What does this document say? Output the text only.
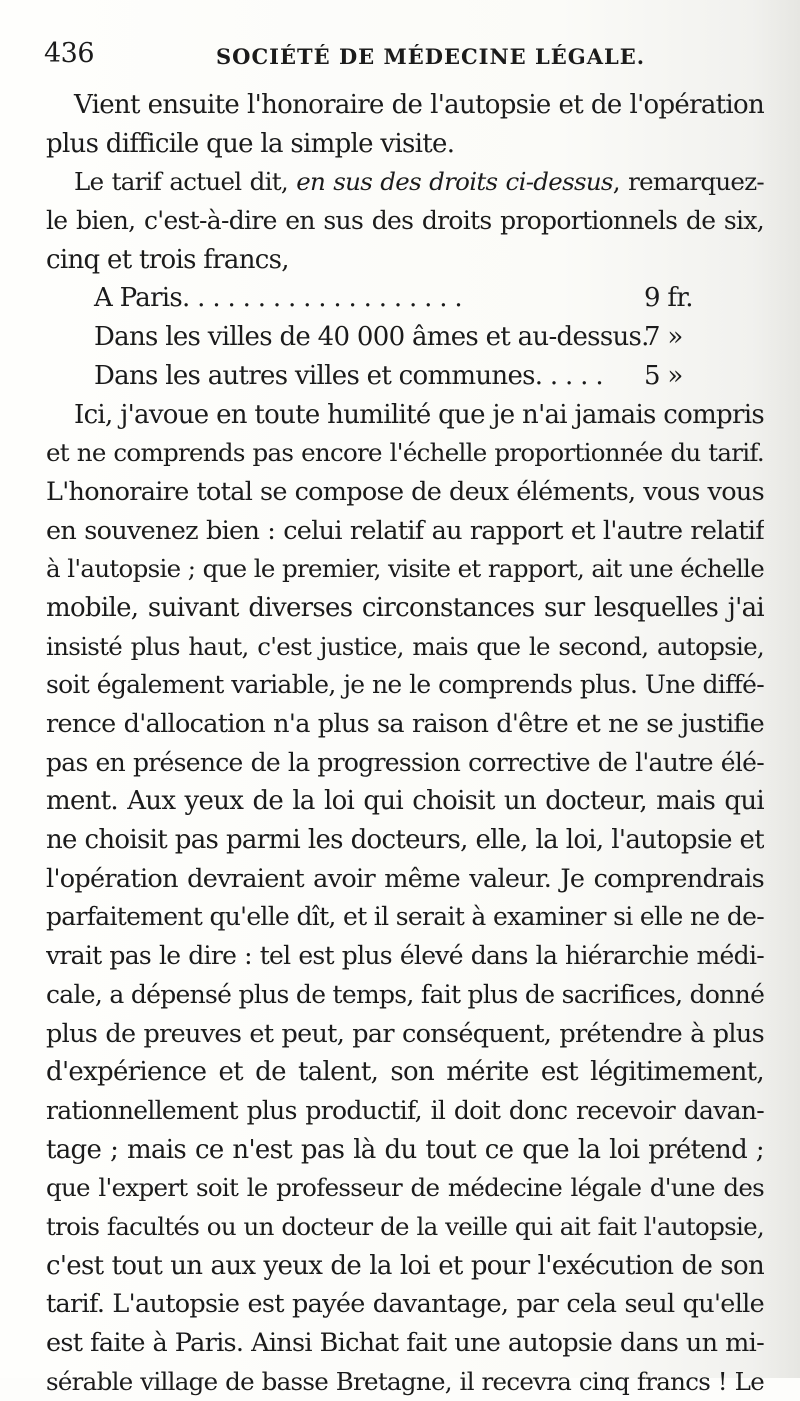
436	SOCIÉTÉ DE MÉDECINE LÉGALE.
Vient ensuite l'honoraire de l'autopsie et de l'opération
plus difficile que la simple visite.
Le tarif actuel dit, en sus des droits ci-dessus, remarquez-
le bien, c'est-à-dire en sus des droits proportionnels de six,
cinq et trois francs,
A Paris. . . . . . . . . . . . . . . . . . .	9 fr.
Dans les villes de 40 000 âmes et au-dessus.
7 »
Dans les autres villes et communes. . . . . 5 »
Ici, j'avoue en toute humilité que je n'ai jamais compris
et ne comprends pas encore l'échelle proportionnée du tarif.
L'honoraire total se compose de deux éléments, vous vous
en souvenez bien : celui relatif au rapport et l'autre relatif
à l'autopsie ; que le premier, visite et rapport, ait une échelle
mobile, suivant diverses circonstances sur lesquelles j'ai
insisté plus haut, c'est justice, mais que le second, autopsie,
soit également variable, je ne le comprends plus. Une diffé-
rence d'allocation n'a plus sa raison d'être et ne se justifie
pas en présence de la progression corrective de l'autre élé-
ment. Aux yeux de la loi qui choisit un docteur, mais qui
ne choisit pas parmi les docteurs, elle, la loi, l'autopsie et
l'opération devraient avoir même valeur. Je comprendrais
parfaitement qu'elle dît, et il serait à examiner si elle ne de-
vrait pas le dire : tel est plus élevé dans la hiérarchie médi-
cale, a dépensé plus de temps, fait plus de sacrifices, donné
plus de preuves et peut, par conséquent, prétendre à plus
d'expérience et de talent, son mérite est légitimement,
rationnellement plus productif, il doit donc recevoir davan-
tage ; mais ce n'est pas là du tout ce que la loi prétend ;
que l'expert soit le professeur de médecine légale d'une des
trois facultés ou un docteur de la veille qui ait fait l'autopsie,
c'est tout un aux yeux de la loi et pour l'exécution de son
tarif. L'autopsie est payée davantage, par cela seul qu'elle
est faite à Paris. Ainsi Bichat fait une autopsie dans un mi-
sérable village de basse Bretagne, il recevra cinq francs ! Le
